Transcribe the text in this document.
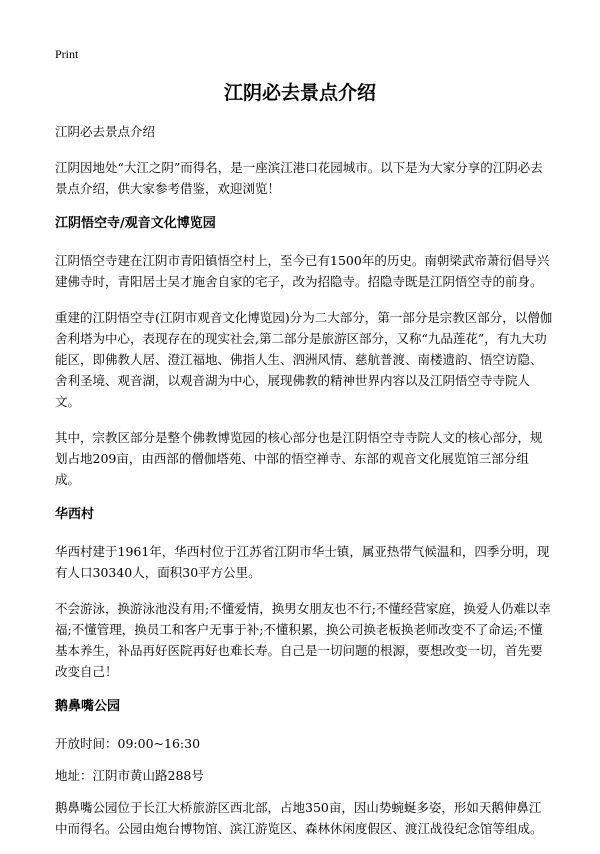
Print
江阴必去景点介绍

江阴必去景点介绍

江阴因地处“大江之阴”而得名，是一座滨江港口花园城市。以下是为大家分享的江阴必去景点介绍，供大家参考借鉴，欢迎浏览！

江阴悟空寺/观音文化博览园

江阴悟空寺建在江阴市青阳镇悟空村上，至今已有1500年的历史。南朝梁武帝萧衍倡导兴建佛寺时，青阳居士吴才施舍自家的宅子，改为招隐寺。招隐寺既是江阴悟空寺的前身。

重建的江阴悟空寺(江阴市观音文化博览园)分为二大部分，第一部分是宗教区部分，以僧伽舍利塔为中心，表现存在的现实社会,第二部分是旅游区部分，又称“九品莲花”，有九大功能区，即佛教人居、澄江福地、佛指人生、泗洲风情、慈航普渡、南楼遗韵、悟空访隐、舍利圣境、观音湖，以观音湖为中心，展现佛教的精神世界内容以及江阴悟空寺寺院人文。

其中，宗教区部分是整个佛教博览园的核心部分也是江阴悟空寺寺院人文的核心部分，规划占地209亩，由西部的僧伽塔苑、中部的悟空禅寺、东部的观音文化展览馆三部分组成。

华西村

华西村建于1961年，华西村位于江苏省江阴市华士镇，属亚热带气候温和，四季分明，现有人口30340人，面积30平方公里。

不会游泳，换游泳池没有用;不懂爱情，换男女朋友也不行;不懂经营家庭，换爱人仍难以幸福;不懂管理，换员工和客户无事于补;不懂积累，换公司换老板换老师改变不了命运;不懂基本养生，补品再好医院再好也难长寿。自己是一切问题的根源，要想改变一切，首先要改变自己！

鹅鼻嘴公园

开放时间：09:00~16:30

地址：江阴市黄山路288号

鹅鼻嘴公园位于长江大桥旅游区西北部，占地350亩，因山势蜿蜒多姿，形如天鹅伸鼻江中而得名。公园由炮台博物馆、滨江游览区、森林休闲度假区、渡江战役纪念馆等组成。
